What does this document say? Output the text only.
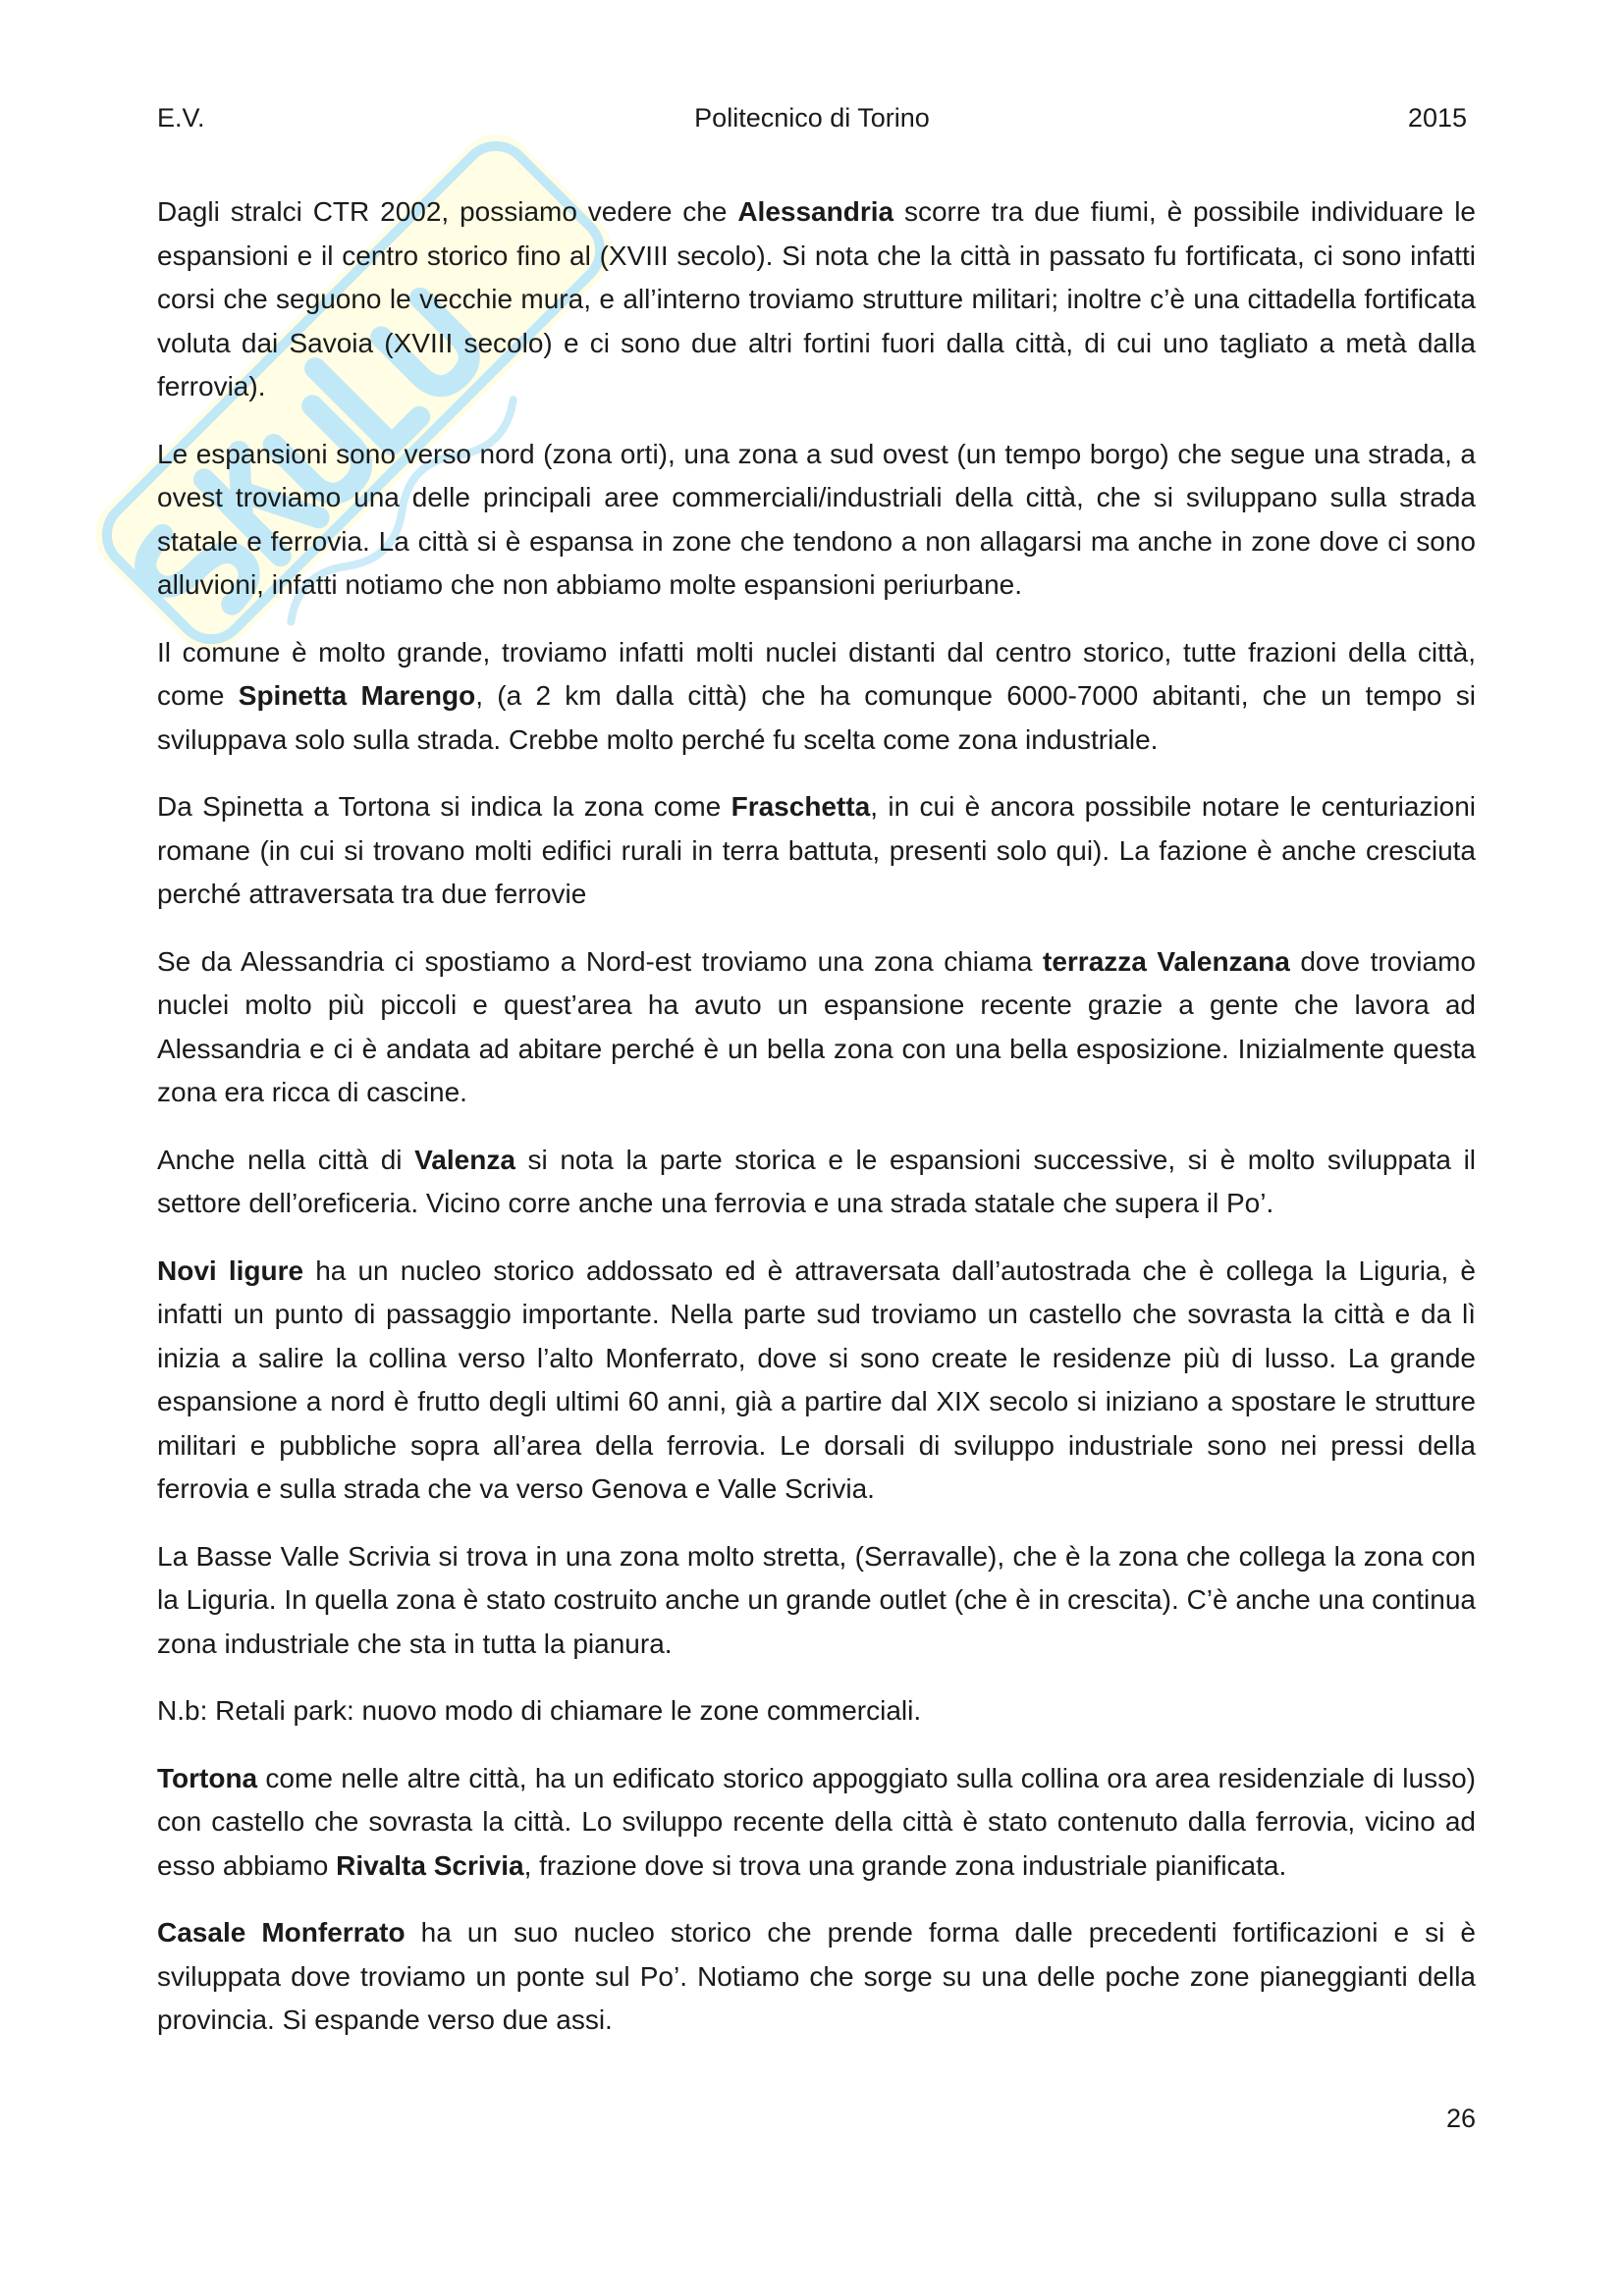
E.V.	Politecnico di Torino	2015

Dagli stralci CTR 2002, possiamo vedere che Alessandria scorre tra due fiumi, è possibile individuare le espansioni e il centro storico fino al (XVIII secolo). Si nota che la città in passato fu fortificata, ci sono infatti corsi che seguono le vecchie mura, e all’interno troviamo strutture militari; inoltre c’è una cittadella fortificata voluta dai Savoia (XVIII secolo) e ci sono due altri fortini fuori dalla città, di cui uno tagliato a metà dalla ferrovia).

Le espansioni sono verso nord (zona orti), una zona a sud ovest (un tempo borgo) che segue una strada, a ovest troviamo una delle principali aree commerciali/industriali della città, che si sviluppano sulla strada statale e ferrovia. La città si è espansa in zone che tendono a non allagarsi ma anche in zone dove ci sono alluvioni, infatti notiamo che non abbiamo molte espansioni periurbane.

Il comune è molto grande, troviamo infatti molti nuclei distanti dal centro storico, tutte frazioni della città, come Spinetta Marengo, (a 2 km dalla città) che ha comunque 6000-7000 abitanti, che un tempo si sviluppava solo sulla strada. Crebbe molto perché fu scelta come zona industriale.

Da Spinetta a Tortona si indica la zona come Fraschetta, in cui è ancora possibile notare le centuriazioni romane (in cui si trovano molti edifici rurali in terra battuta, presenti solo qui). La fazione è anche cresciuta perché attraversata tra due ferrovie

Se da Alessandria ci spostiamo a Nord-est troviamo una zona chiama terrazza Valenzana dove troviamo nuclei molto più piccoli e quest’area ha avuto un espansione recente grazie a gente che lavora ad Alessandria e ci è andata ad abitare perché è un bella zona con una bella esposizione. Inizialmente questa zona era ricca di cascine.

Anche nella città di Valenza si nota la parte storica e le espansioni successive, si è molto sviluppata il settore dell’oreficeria. Vicino corre anche una ferrovia e una strada statale che supera il Po’.

Novi ligure ha un nucleo storico addossato ed è attraversata dall’autostrada che è collega la Liguria, è infatti un punto di passaggio importante. Nella parte sud troviamo un castello che sovrasta la città e da lì inizia a salire la collina verso l’alto Monferrato, dove si sono create le residenze più di lusso. La grande espansione a nord è frutto degli ultimi 60 anni, già a partire dal XIX secolo si iniziano a spostare le strutture militari e pubbliche sopra all’area della ferrovia. Le dorsali di sviluppo industriale sono nei pressi della ferrovia e sulla strada che va verso Genova e Valle Scrivia.

La Basse Valle Scrivia si trova in una zona molto stretta, (Serravalle), che è la zona che collega la zona con la Liguria. In quella zona è stato costruito anche un grande outlet (che è in crescita). C’è anche una continua zona industriale che sta in tutta la pianura.

N.b: Retali park: nuovo modo di chiamare le zone commerciali.

Tortona come nelle altre città, ha un edificato storico appoggiato sulla collina ora area residenziale di lusso) con castello che sovrasta la città. Lo sviluppo recente della città è stato contenuto dalla ferrovia, vicino ad esso abbiamo Rivalta Scrivia, frazione dove si trova una grande zona industriale pianificata.

Casale Monferrato ha un suo nucleo storico che prende forma dalle precedenti fortificazioni e si è sviluppata dove troviamo un ponte sul Po’. Notiamo che sorge su una delle poche zone pianeggianti della provincia. Si espande verso due assi.

26
